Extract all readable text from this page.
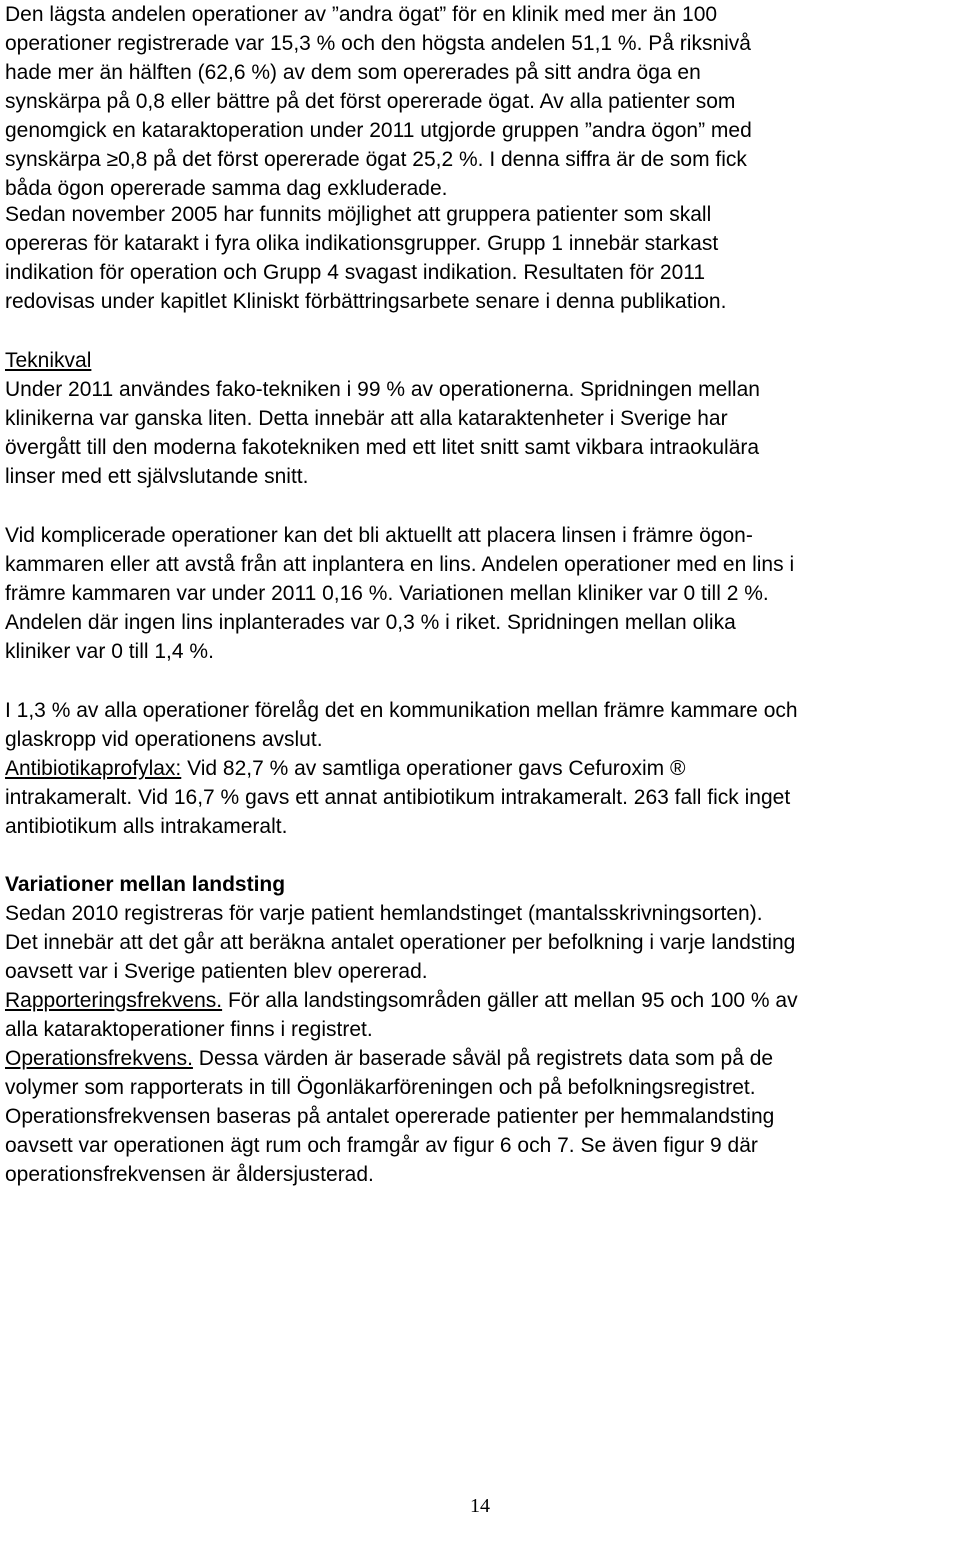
Den lägsta andelen operationer av ”andra ögat” för en klinik med mer än 100
operationer registrerade var 15,3 % och den högsta andelen 51,1 %. På riksnivå
hade mer än hälften (62,6 %) av dem som opererades på sitt andra öga en
synskärpa på 0,8 eller bättre på det först opererade ögat. Av alla patienter som
genomgick en kataraktoperation under 2011 utgjorde gruppen ”andra ögon” med
synskärpa ≥0,8 på det först opererade ögat 25,2 %. I denna siffra är de som fick
båda ögon opererade samma dag exkluderade.

Sedan november 2005 har funnits möjlighet att gruppera patienter som skall
opereras för katarakt i fyra olika indikationsgrupper. Grupp 1 innebär starkast
indikation för operation och Grupp 4 svagast indikation. Resultaten för 2011
redovisas under kapitlet Kliniskt förbättringsarbete senare i denna publikation.

Teknikval
Under 2011 användes fako-tekniken i 99 % av operationerna. Spridningen mellan
klinikerna var ganska liten. Detta innebär att alla kataraktenheter i Sverige har
övergått till den moderna fakotekniken med ett litet snitt samt vikbara intraokulära
linser med ett självslutande snitt.

Vid komplicerade operationer kan det bli aktuellt att placera linsen i främre ögon-
kammaren eller att avstå från att inplantera en lins. Andelen operationer med en lins i
främre kammaren var under 2011 0,16 %. Variationen mellan kliniker var 0 till 2 %.
Andelen där ingen lins inplanterades var 0,3 % i riket. Spridningen mellan olika
kliniker var 0 till 1,4 %.

I 1,3 % av alla operationer förelåg det en kommunikation mellan främre kammare och
glaskropp vid operationens avslut.
Antibiotikaprofylax: Vid 82,7 % av samtliga operationer gavs Cefuroxim ®
intrakameralt. Vid 16,7 % gavs ett annat antibiotikum intrakameralt. 263 fall fick inget
antibiotikum alls intrakameralt.

Variationer mellan landsting
Sedan 2010 registreras för varje patient hemlandstinget (mantalsskrivningsorten).
Det innebär att det går att beräkna antalet operationer per befolkning i varje landsting
oavsett var i Sverige patienten blev opererad.
Rapporteringsfrekvens. För alla landstingsområden gäller att mellan 95 och 100 % av
alla kataraktoperationer finns i registret.
Operationsfrekvens. Dessa värden är baserade såväl på registrets data som på de
volymer som rapporterats in till Ögonläkarföreningen och på befolkningsregistret.
Operationsfrekvensen baseras på antalet opererade patienter per hemmalandsting
oavsett var operationen ägt rum och framgår av figur 6 och 7. Se även figur 9 där
operationsfrekvensen är åldersjusterad.

14
